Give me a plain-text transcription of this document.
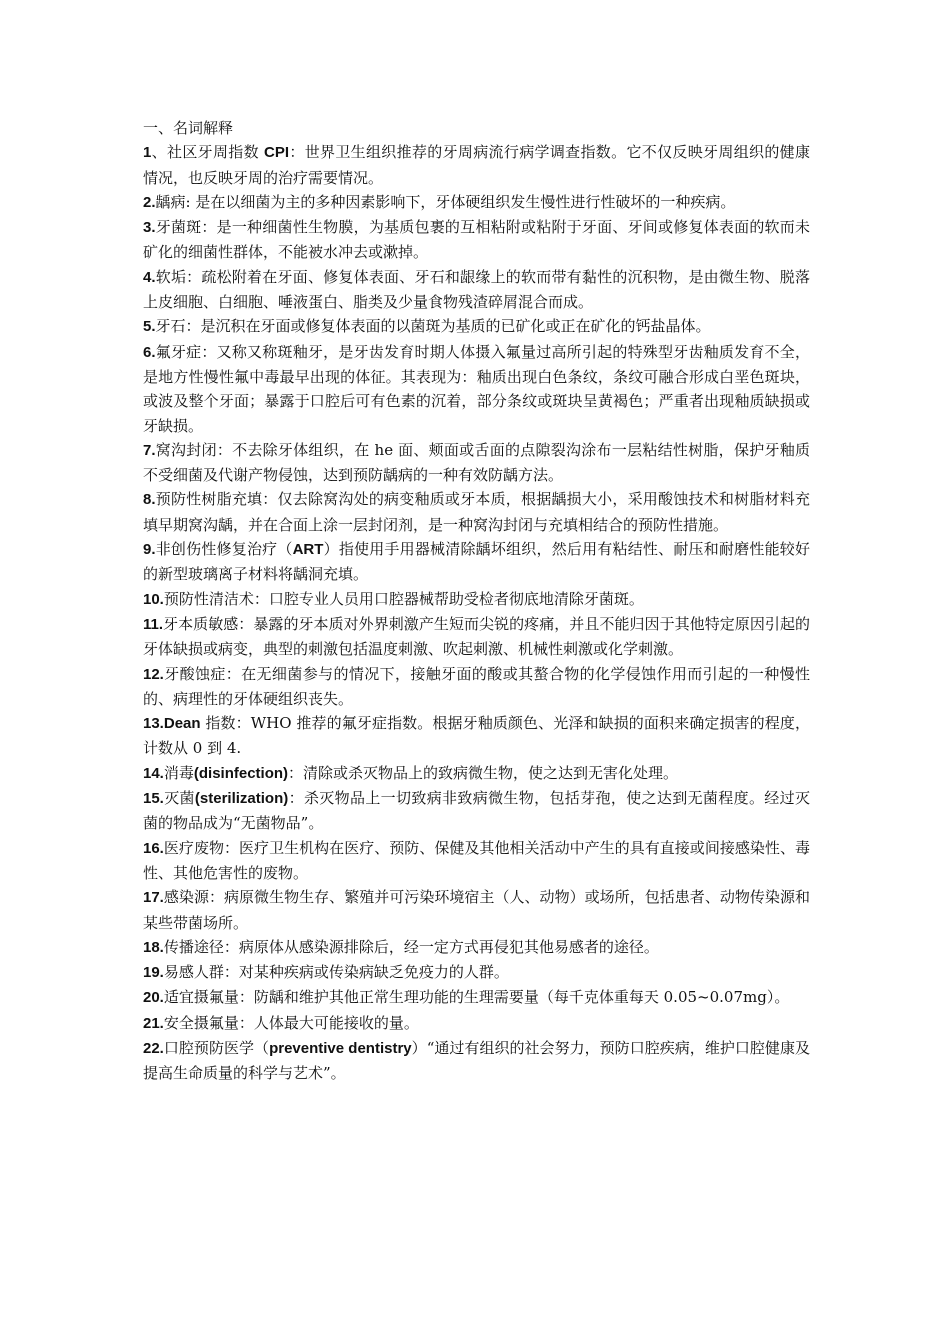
一、名词解释

1、社区牙周指数 CPI：世界卫生组织推荐的牙周病流行病学调查指数。它不仅反映牙周组织的健康情况，也反映牙周的治疗需要情况。

2.龋病: 是在以细菌为主的多种因素影响下，牙体硬组织发生慢性进行性破坏的一种疾病。

3.牙菌斑：是一种细菌性生物膜，为基质包裹的互相粘附或粘附于牙面、牙间或修复体表面的软而未矿化的细菌性群体，不能被水冲去或漱掉。

4.软垢：疏松附着在牙面、修复体表面、牙石和龈缘上的软而带有黏性的沉积物，是由微生物、脱落上皮细胞、白细胞、唾液蛋白、脂类及少量食物残渣碎屑混合而成。

5.牙石：是沉积在牙面或修复体表面的以菌斑为基质的已矿化或正在矿化的钙盐晶体。

6.氟牙症：又称又称斑釉牙，是牙齿发育时期人体摄入氟量过高所引起的特殊型牙齿釉质发育不全，是地方性慢性氟中毒最早出现的体征。其表现为：釉质出现白色条纹，条纹可融合形成白垩色斑块，或波及整个牙面；暴露于口腔后可有色素的沉着，部分条纹或斑块呈黄褐色；严重者出现釉质缺损或牙缺损。

7.窝沟封闭：不去除牙体组织，在 he 面、颊面或舌面的点隙裂沟涂布一层粘结性树脂，保护牙釉质不受细菌及代谢产物侵蚀，达到预防龋病的一种有效防龋方法。

8.预防性树脂充填：仅去除窝沟处的病变釉质或牙本质，根据龋损大小，采用酸蚀技术和树脂材料充填早期窝沟龋，并在合面上涂一层封闭剂，是一种窝沟封闭与充填相结合的预防性措施。

9.非创伤性修复治疗（ART）指使用手用器械清除龋坏组织，然后用有粘结性、耐压和耐磨性能较好的新型玻璃离子材料将龋洞充填。

10.预防性清洁术：口腔专业人员用口腔器械帮助受检者彻底地清除牙菌斑。

11.牙本质敏感：暴露的牙本质对外界刺激产生短而尖锐的疼痛，并且不能归因于其他特定原因引起的牙体缺损或病变，典型的刺激包括温度刺激、吹起刺激、机械性刺激或化学刺激。

12.牙酸蚀症：在无细菌参与的情况下，接触牙面的酸或其螯合物的化学侵蚀作用而引起的一种慢性的、病理性的牙体硬组织丧失。

13.Dean 指数：WHO 推荐的氟牙症指数。根据牙釉质颜色、光泽和缺损的面积来确定损害的程度，计数从 0 到 4.

14.消毒(disinfection)：清除或杀灭物品上的致病微生物，使之达到无害化处理。

15.灭菌(sterilization)：杀灭物品上一切致病非致病微生物，包括芽孢，使之达到无菌程度。经过灭菌的物品成为“无菌物品”。

16.医疗废物：医疗卫生机构在医疗、预防、保健及其他相关活动中产生的具有直接或间接感染性、毒性、其他危害性的废物。

17.感染源：病原微生物生存、繁殖并可污染环境宿主（人、动物）或场所，包括患者、动物传染源和某些带菌场所。

18.传播途径：病原体从感染源排除后，经一定方式再侵犯其他易感者的途径。

19.易感人群：对某种疾病或传染病缺乏免疫力的人群。

20.适宜摄氟量：防龋和维护其他正常生理功能的生理需要量（每千克体重每天 0.05~0.07mg）。

21.安全摄氟量：人体最大可能接收的量。

22.口腔预防医学（preventive dentistry）“通过有组织的社会努力，预防口腔疾病，维护口腔健康及提高生命质量的科学与艺术”。
